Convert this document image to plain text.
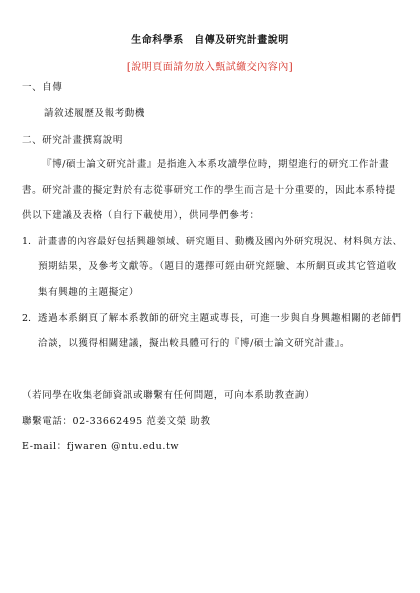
生命科學系　自傳及研究計畫說明
[說明頁面請勿放入甄試繳交內容內]
一、自傳
請敘述履歷及報考動機
二、研究計畫撰寫說明
『博/碩士論文研究計畫』是指進入本系攻讀學位時，期望進行的研究工作計畫
書。研究計畫的擬定對於有志從事研究工作的學生而言是十分重要的，因此本系特提
供以下建議及表格（自行下載使用），供同學們參考：
1. 計畫書的內容最好包括興趣領域、研究題目、動機及國內外研究現況、材料與方法、
預期結果，及參考文獻等。（題目的選擇可經由研究經驗、本所網頁或其它管道收
集有興趣的主題擬定）
2. 透過本系網頁了解本系教師的研究主題或專長，可進一步與自身興趣相關的老師們
洽談，以獲得相關建議，擬出較具體可行的『博/碩士論文研究計畫』。
（若同學在收集老師資訊或聯繫有任何問題，可向本系助教查詢）
聯繫電話：02-33662495 范姜文榮 助教
E-mail：fjwaren @ntu.edu.tw
